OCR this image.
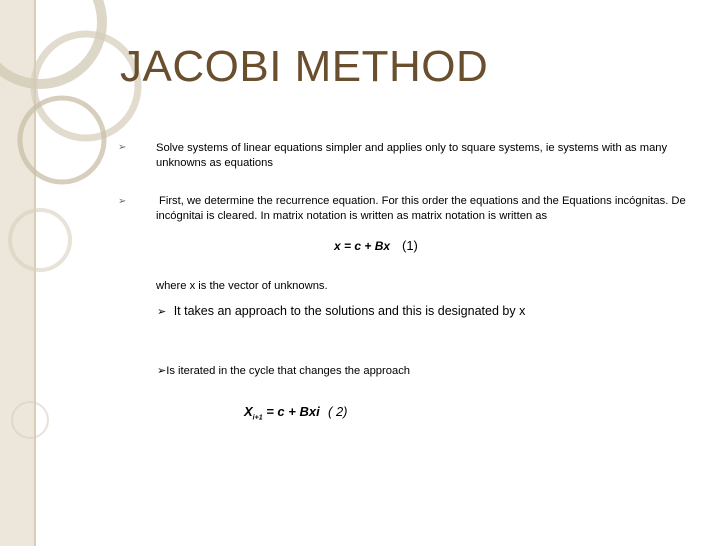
JACOBI METHOD
➢	Solve systems of linear equations simpler and applies only to square systems, ie systems with as many unknowns as equations
➢	First, we determine the recurrence equation. For this order the equations and the Equations incógnitas. De incógnitai is cleared. In matrix notation is written as matrix notation is written as
x = c + Bx (1)
where x is the vector of unknowns.
➢ It takes an approach to the solutions and this is designated by x
➢Is iterated in the cycle that changes the approach
$X_{i+1} = c$ + Bxi ( 2)
